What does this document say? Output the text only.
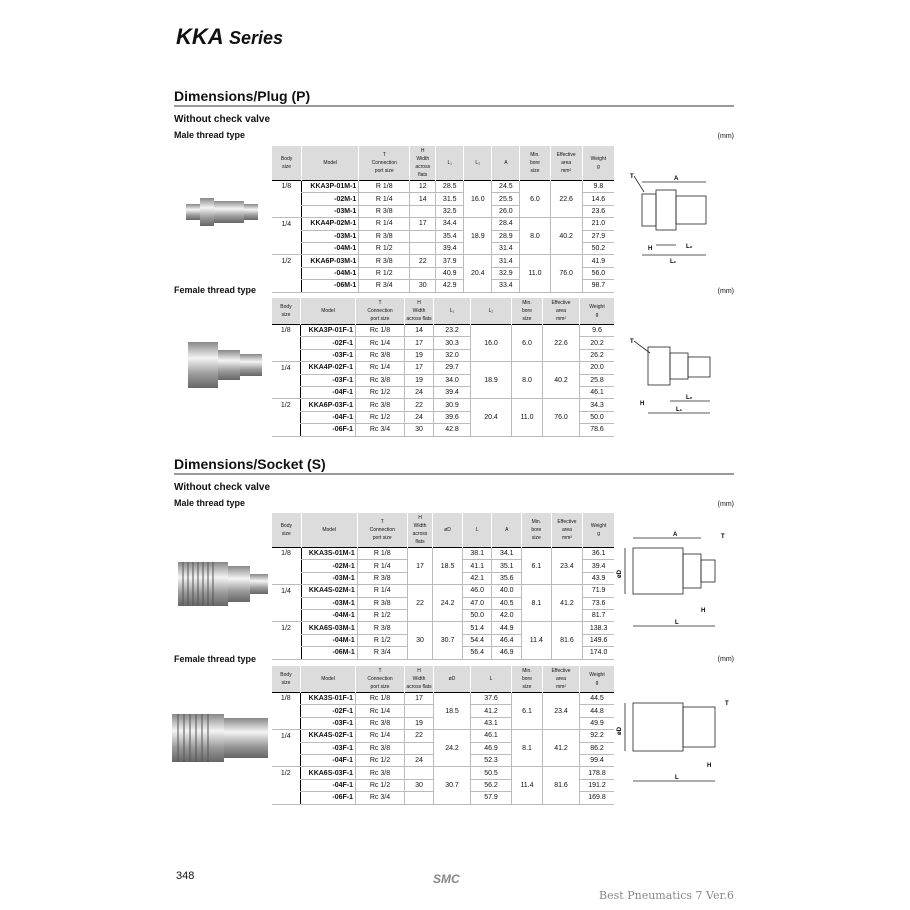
KKA Series
Dimensions/Plug (P)
Without check valve
Male thread type	(mm)
Body
size	Model	T
Connection
port size	H
Width
across flats	L₁	L₂	A	Min.
bore
size	Effective
area
mm²	Weight
g
1/8	KKA3P-01M-1	R 1/8	12	28.5		24.5			9.8
	-02M-1	R 1/4	14	31.5	16.0	25.5	6.0	22.6	14.6
	-03M-1	R 3/8		32.5		26.0			23.6
1/4	KKA4P-02M-1	R 1/4	17	34.4		28.4			21.0
	-03M-1	R 3/8		35.4	18.9	28.9	8.0	40.2	27.9
	-04M-1	R 1/2		39.4		31.4			50.2
1/2	KKA6P-03M-1	R 3/8	22	37.9		31.4			41.9
	-04M-1	R 1/2		40.9	20.4	32.9	11.0	76.0	56.0
	-06M-1	R 3/4	30	42.9		33.4			98.7
Female thread type	(mm)
Body
size	Model	T
Connection
port size	H
Width
across flats	L₁	L₂	Min.
bore
size	Effective
area
mm²	Weight
g
1/8	KKA3P-01F-1	Rc 1/8	14	23.2				9.6
	-02F-1	Rc 1/4	17	30.3	16.0	6.0	22.6	20.2
	-03F-1	Rc 3/8	19	32.0				26.2
1/4	KKA4P-02F-1	Rc 1/4	17	29.7				20.0
	-03F-1	Rc 3/8	19	34.0	18.9	8.0	40.2	25.8
	-04F-1	Rc 1/2	24	39.4				46.1
1/2	KKA6P-03F-1	Rc 3/8	22	30.9				34.3
	-04F-1	Rc 1/2	24	39.6	20.4	11.0	76.0	50.0
	-06F-1	Rc 3/4	30	42.8				78.6
Dimensions/Socket (S)
Without check valve
Male thread type	(mm)
Body
size	Model	T
Connection
port size	H
Width
across flats	øD	L	A	Min.
bore
size	Effective
area
mm²	Weight
g
1/8	KKA3S-01M-1	R 1/8			38.1	34.1			36.1
	-02M-1	R 1/4	17	18.5	41.1	35.1	6.1	23.4	39.4
	-03M-1	R 3/8			42.1	35.6			43.9
1/4	KKA4S-02M-1	R 1/4			46.0	40.0			71.9
	-03M-1	R 3/8	22	24.2	47.0	40.5	8.1	41.2	73.6
	-04M-1	R 1/2			50.0	42.0			81.7
1/2	KKA6S-03M-1	R 3/8			51.4	44.9			138.3
	-04M-1	R 1/2	30	30.7	54.4	46.4	11.4	81.6	149.6
	-06M-1	R 3/4			56.4	46.9			174.0
Female thread type	(mm)
Body
size	Model	T
Connection
port size	H
Width
across flats	øD	L	Min.
bore
size	Effective
area
mm²	Weight
g
1/8	KKA3S-01F-1	Rc 1/8	17		37.6			44.5
	-02F-1	Rc 1/4		18.5	41.2	6.1	23.4	44.8
	-03F-1	Rc 3/8	19		43.1			49.9
1/4	KKA4S-02F-1	Rc 1/4	22		46.1			92.2
	-03F-1	Rc 3/8		24.2	46.9	8.1	41.2	86.2
	-04F-1	Rc 1/2	24		52.3			99.4
1/2	KKA6S-03F-1	Rc 3/8			50.5			178.8
	-04F-1	Rc 1/2	30	30.7	56.2	11.4	81.6	191.2
	-06F-1	Rc 3/4			57.9			169.8
A
T
H	L₂
L₁
T
H
L₂
L₁
A	T
H
L
øD
T
H
L
øD
348	SMC
Best Pneumatics 7 Ver.6
